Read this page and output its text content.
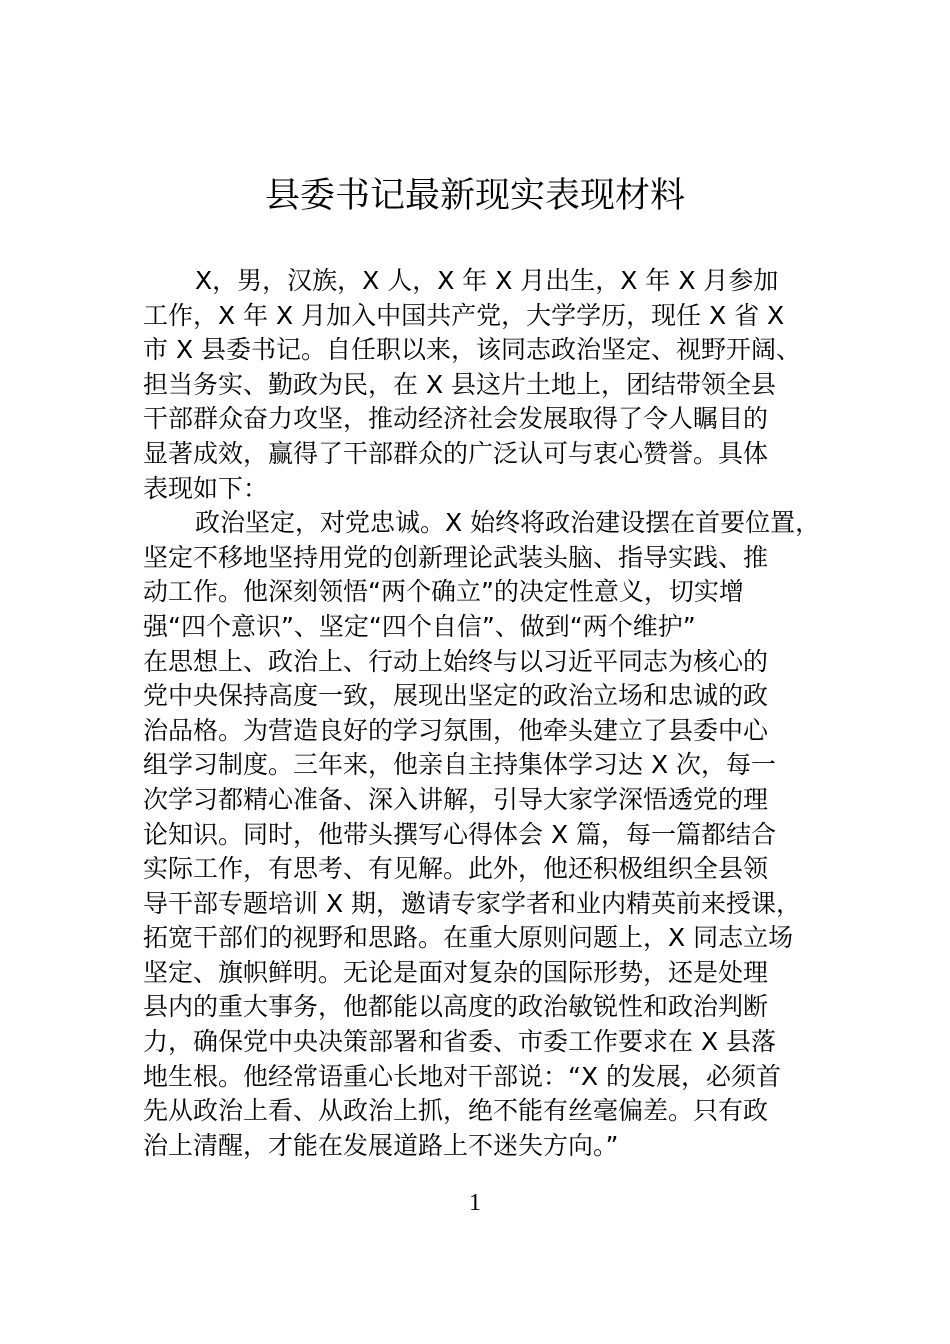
县委书记最新现实表现材料
X，男，汉族，X 人，X 年 X 月出生，X 年 X 月参加
工作，X 年 X 月加入中国共产党，大学学历，现任 X 省 X
市 X 县委书记。自任职以来，该同志政治坚定、视野开阔、
担当务实、勤政为民，在 X 县这片土地上，团结带领全县
干部群众奋力攻坚，推动经济社会发展取得了令人瞩目的
显著成效，赢得了干部群众的广泛认可与衷心赞誉。具体
表现如下：
政治坚定，对党忠诚。X 始终将政治建设摆在首要位置，
坚定不移地坚持用党的创新理论武装头脑、指导实践、推
动工作。他深刻领悟“两个确立”的决定性意义，切实增
强“四个意识”、坚定“四个自信”、做到“两个维护”
在思想上、政治上、行动上始终与以习近平同志为核心的
党中央保持高度一致，展现出坚定的政治立场和忠诚的政
治品格。为营造良好的学习氛围，他牵头建立了县委中心
组学习制度。三年来，他亲自主持集体学习达 X 次，每一
次学习都精心准备、深入讲解，引导大家学深悟透党的理
论知识。同时，他带头撰写心得体会 X 篇，每一篇都结合
实际工作，有思考、有见解。此外，他还积极组织全县领
导干部专题培训 X 期，邀请专家学者和业内精英前来授课，
拓宽干部们的视野和思路。在重大原则问题上，X 同志立场
坚定、旗帜鲜明。无论是面对复杂的国际形势，还是处理
县内的重大事务，他都能以高度的政治敏锐性和政治判断
力，确保党中央决策部署和省委、市委工作要求在 X 县落
地生根。他经常语重心长地对干部说：“X 的发展，必须首
先从政治上看、从政治上抓，绝不能有丝毫偏差。只有政
治上清醒，才能在发展道路上不迷失方向。”
1
